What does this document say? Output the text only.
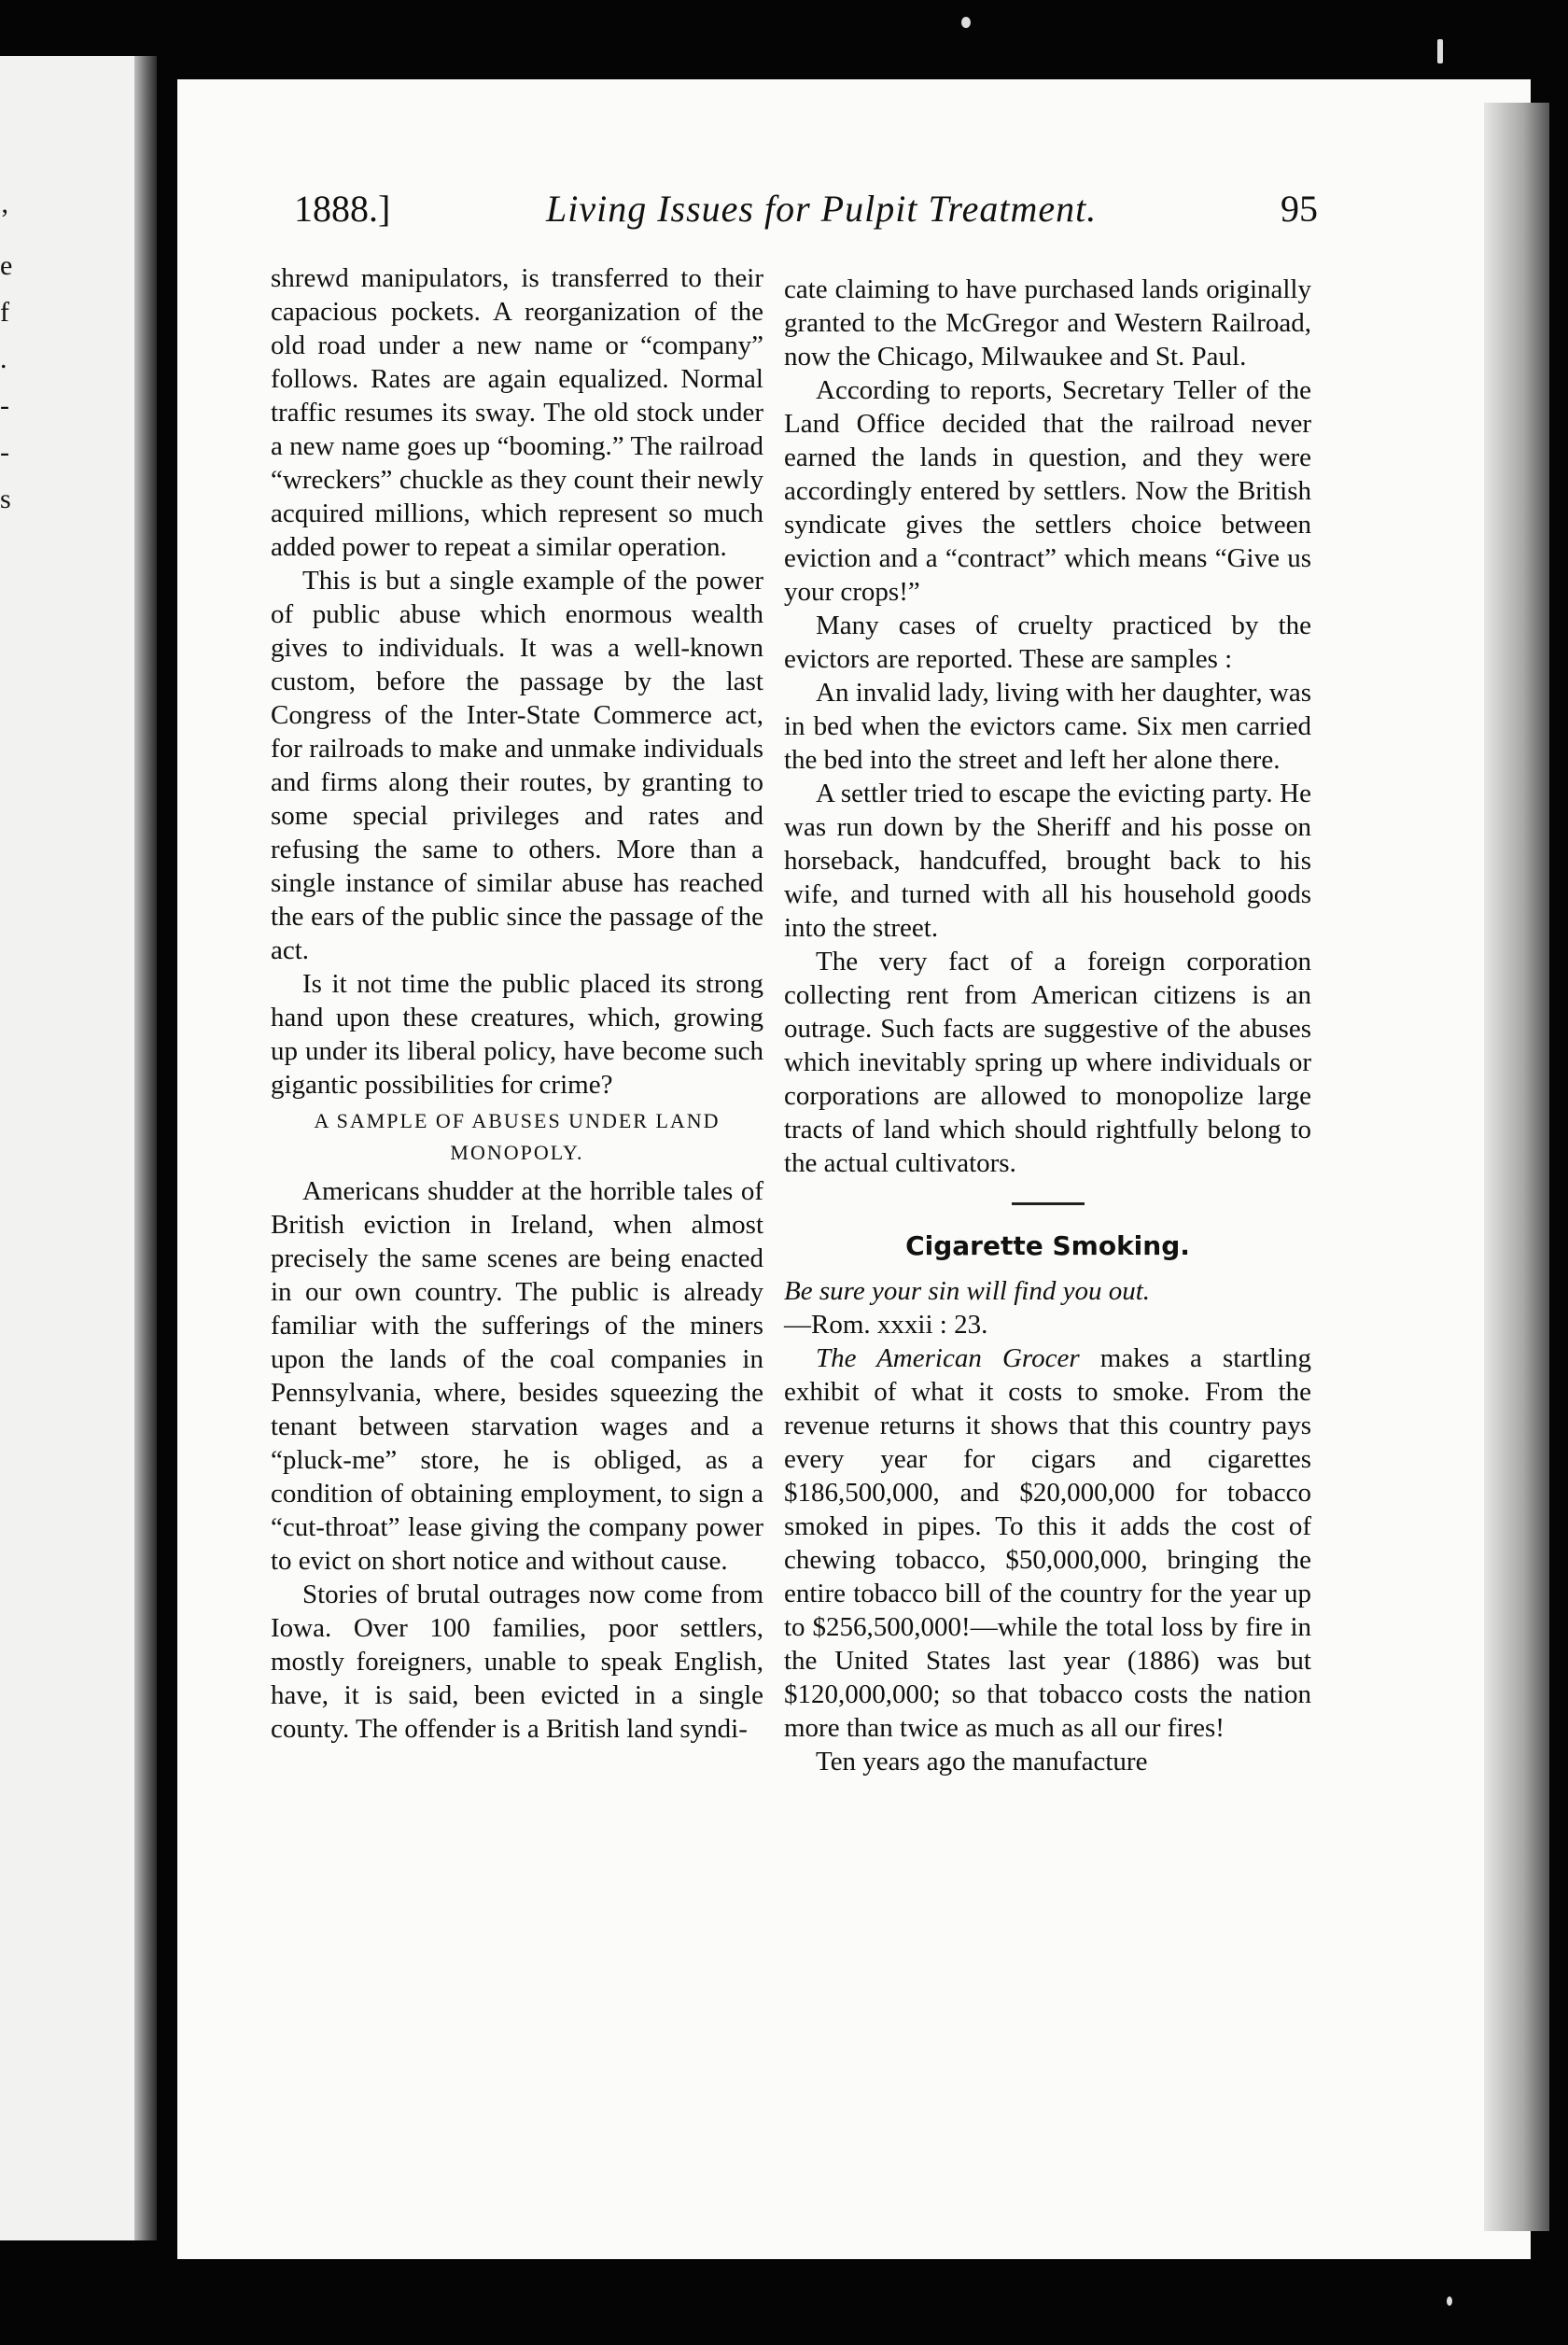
’
e
f
.
-
-
s
1888.]	Living Issues for Pulpit Treatment.	95

shrewd manipulators, is transferred to their capacious pockets. A reorganization of the old road under a new name or “company” follows. Rates are again equalized. Normal traffic resumes its sway. The old stock under a new name goes up “booming.” The railroad “wreckers” chuckle as they count their newly acquired millions, which represent so much added power to repeat a similar operation.

This is but a single example of the power of public abuse which enormous wealth gives to individuals. It was a well-known custom, before the passage by the last Congress of the Inter-State Commerce act, for railroads to make and unmake individuals and firms along their routes, by granting to some special privileges and rates and refusing the same to others. More than a single instance of similar abuse has reached the ears of the public since the passage of the act.

Is it not time the public placed its strong hand upon these creatures, which, growing up under its liberal policy, have become such gigantic possibilities for crime?

A SAMPLE OF ABUSES UNDER LAND MONOPOLY.

Americans shudder at the horrible tales of British eviction in Ireland, when almost precisely the same scenes are being enacted in our own country. The public is already familiar with the sufferings of the miners upon the lands of the coal companies in Pennsylvania, where, besides squeezing the tenant between starvation wages and a “pluck-me” store, he is obliged, as a condition of obtaining employment, to sign a “cut-throat” lease giving the company power to evict on short notice and without cause.

Stories of brutal outrages now come from Iowa. Over 100 families, poor settlers, mostly foreigners, unable to speak English, have, it is said, been evicted in a single county. The offender is a British land syndi-

cate claiming to have purchased lands originally granted to the McGregor and Western Railroad, now the Chicago, Milwaukee and St. Paul.

According to reports, Secretary Teller of the Land Office decided that the railroad never earned the lands in question, and they were accordingly entered by settlers. Now the British syndicate gives the settlers choice between eviction and a “contract” which means “Give us your crops!”

Many cases of cruelty practiced by the evictors are reported. These are samples :

An invalid lady, living with her daughter, was in bed when the evictors came. Six men carried the bed into the street and left her alone there.

A settler tried to escape the evicting party. He was run down by the Sheriff and his posse on horseback, handcuffed, brought back to his wife, and turned with all his household goods into the street.

The very fact of a foreign corporation collecting rent from American citizens is an outrage. Such facts are suggestive of the abuses which inevitably spring up where individuals or corporations are allowed to monopolize large tracts of land which should rightfully belong to the actual cultivators.

Cigarette Smoking.

Be sure your sin will find you out.

—Rom. xxxii : 23.

The American Grocer makes a startling exhibit of what it costs to smoke. From the revenue returns it shows that this country pays every year for cigars and cigarettes $186,500,000, and $20,000,000 for tobacco smoked in pipes. To this it adds the cost of chewing tobacco, $50,000,000, bringing the entire tobacco bill of the country for the year up to $256,500,000!—while the total loss by fire in the United States last year (1886) was but $120,000,000; so that tobacco costs the nation more than twice as much as all our fires!

Ten years ago the manufacture
